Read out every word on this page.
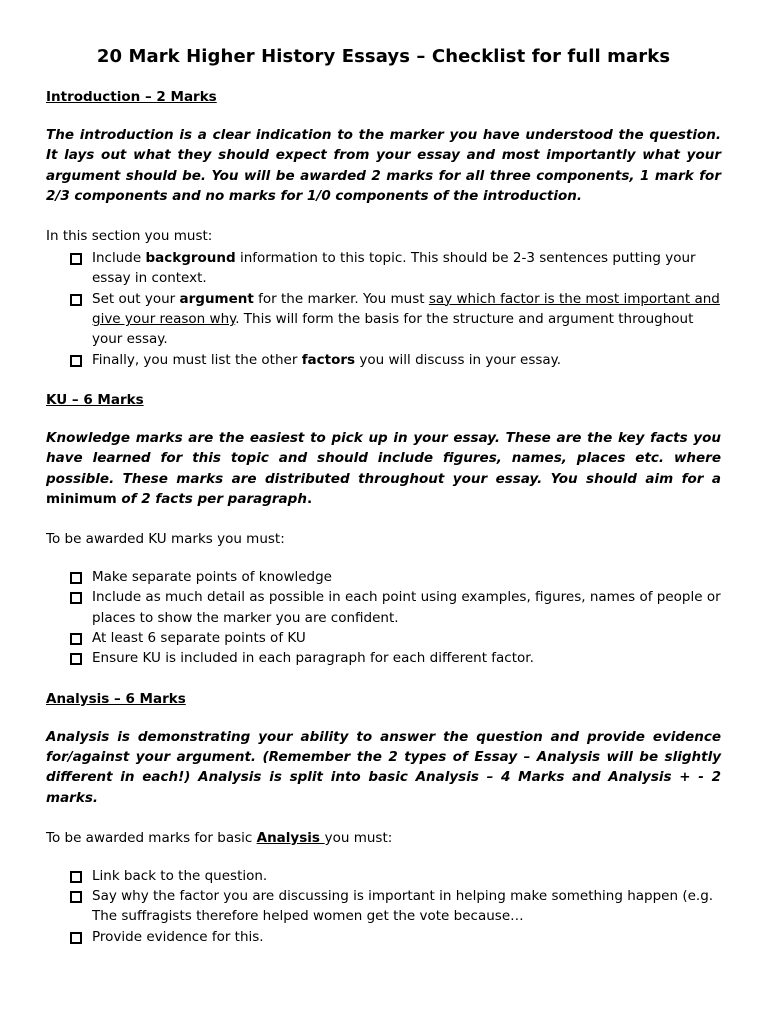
20 Mark Higher History Essays – Checklist for full marks
Introduction – 2 Marks

The introduction is a clear indication to the marker you have understood the question. It lays out what they should expect from your essay and most importantly what your argument should be. You will be awarded 2 marks for all three components, 1 mark for 2/3 components and no marks for 1/0 components of the introduction.

In this section you must:
Include background information to this topic. This should be 2-3 sentences putting your essay in context.
Set out your argument for the marker. You must say which factor is the most important and give your reason why. This will form the basis for the structure and argument throughout your essay.
Finally, you must list the other factors you will discuss in your essay.
KU – 6 Marks

Knowledge marks are the easiest to pick up in your essay. These are the key facts you have learned for this topic and should include figures, names, places etc. where possible. These marks are distributed throughout your essay. You should aim for a minimum of 2 facts per paragraph.

To be awarded KU marks you must:
Make separate points of knowledge
Include as much detail as possible in each point using examples, figures, names of people or places to show the marker you are confident.
At least 6 separate points of KU
Ensure KU is included in each paragraph for each different factor.
Analysis – 6 Marks

Analysis is demonstrating your ability to answer the question and provide evidence for/against your argument. (Remember the 2 types of Essay – Analysis will be slightly different in each!) Analysis is split into basic Analysis – 4 Marks and Analysis + - 2 marks.

To be awarded marks for basic Analysis you must:
Link back to the question.
Say why the factor you are discussing is important in helping make something happen (e.g. The suffragists therefore helped women get the vote because…
Provide evidence for this.
